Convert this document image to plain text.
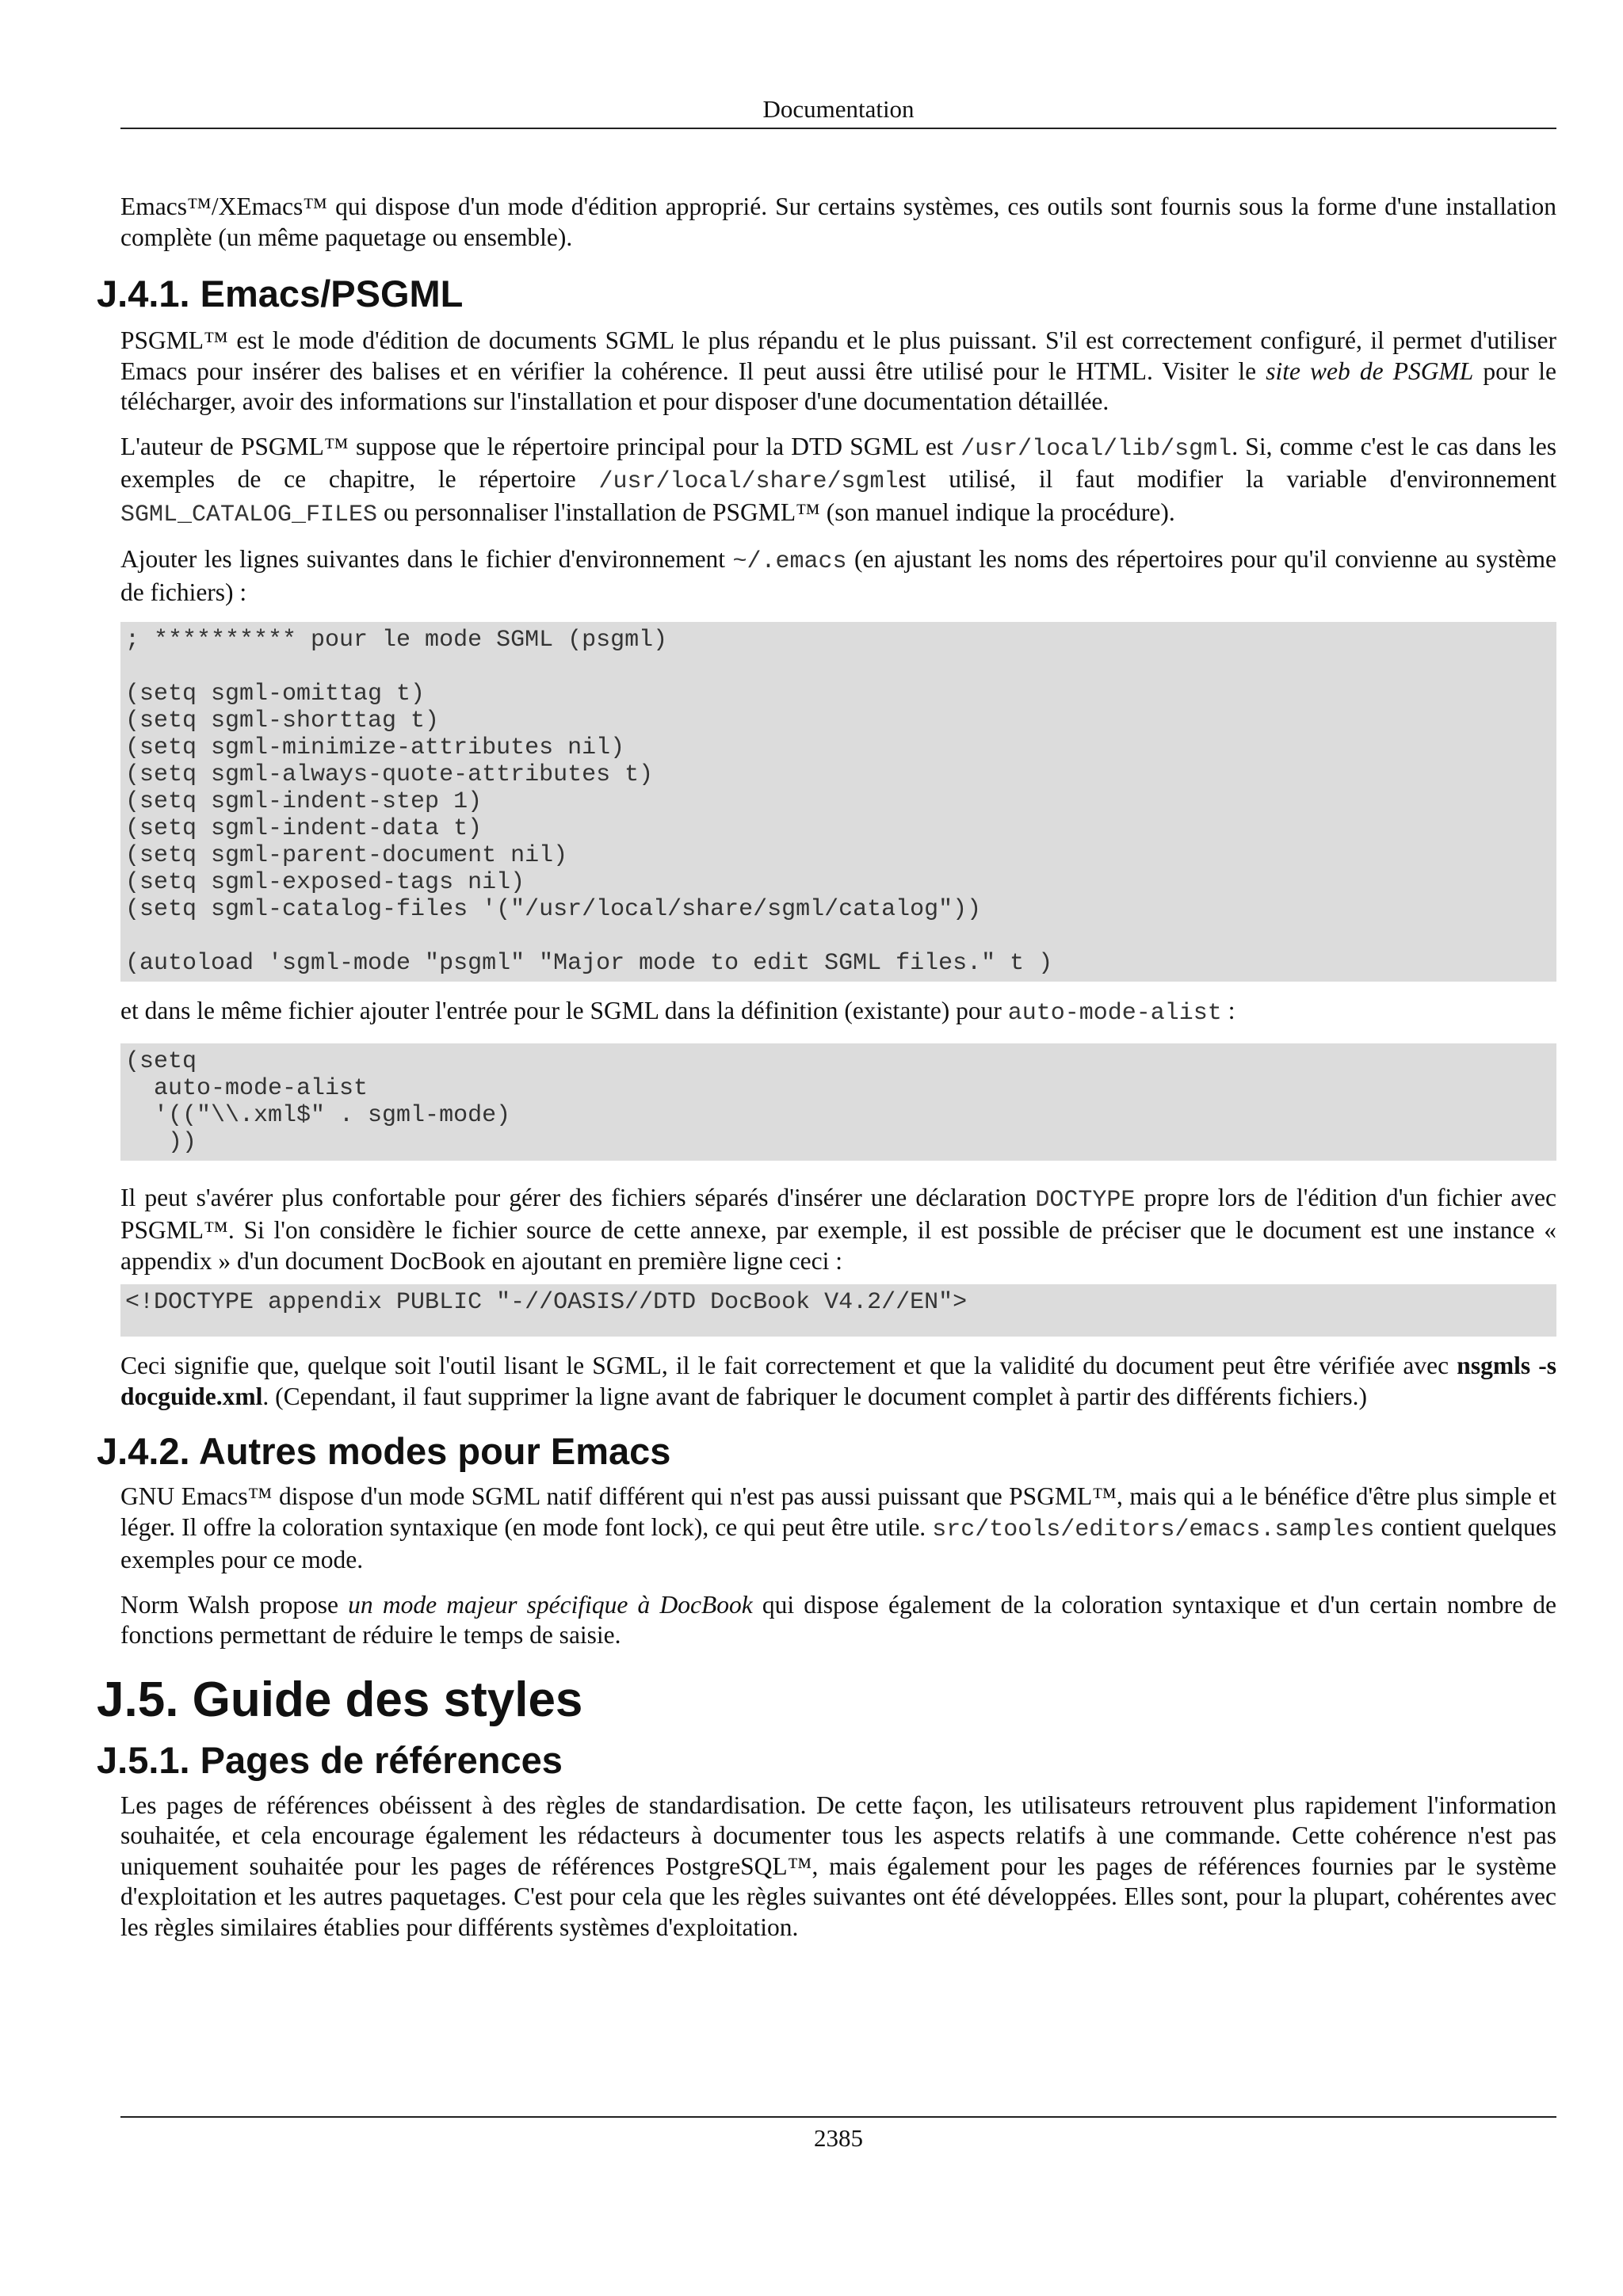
Documentation

Emacs™/XEmacs™ qui dispose d'un mode d'édition approprié. Sur certains systèmes, ces outils sont fournis sous la forme d'une installation complète (un même paquetage ou ensemble).

J.4.1. Emacs/PSGML

PSGML™ est le mode d'édition de documents SGML le plus répandu et le plus puissant. S'il est correctement configuré, il permet d'utiliser Emacs pour insérer des balises et en vérifier la cohérence. Il peut aussi être utilisé pour le HTML. Visiter le site web de PSGML pour le télécharger, avoir des informations sur l'installation et pour disposer d'une documentation détaillée.

L'auteur de PSGML™ suppose que le répertoire principal pour la DTD SGML est /usr/local/lib/sgml. Si, comme c'est le cas dans les exemples de ce chapitre, le répertoire /usr/local/share/sgmlest utilisé, il faut modifier la variable d'environnement SGML_CATALOG_FILES ou personnaliser l'installation de PSGML™ (son manuel indique la procédure).

Ajouter les lignes suivantes dans le fichier d'environnement ~/.emacs (en ajustant les noms des répertoires pour qu'il convienne au système de fichiers) :

; ********** pour le mode SGML (psgml)

(setq sgml-omittag t)
(setq sgml-shorttag t)
(setq sgml-minimize-attributes nil)
(setq sgml-always-quote-attributes t)
(setq sgml-indent-step 1)
(setq sgml-indent-data t)
(setq sgml-parent-document nil)
(setq sgml-exposed-tags nil)
(setq sgml-catalog-files '("/usr/local/share/sgml/catalog"))

(autoload 'sgml-mode "psgml" "Major mode to edit SGML files." t )

et dans le même fichier ajouter l'entrée pour le SGML dans la définition (existante) pour auto-mode-alist :

(setq
auto-mode-alist
'(("\\.xml$" . sgml-mode)
))

Il peut s'avérer plus confortable pour gérer des fichiers séparés d'insérer une déclaration DOCTYPE propre lors de l'édition d'un fichier avec PSGML™. Si l'on considère le fichier source de cette annexe, par exemple, il est possible de préciser que le document est une instance « appendix » d'un document DocBook en ajoutant en première ligne ceci :

<!DOCTYPE appendix PUBLIC "-//OASIS//DTD DocBook V4.2//EN">

Ceci signifie que, quelque soit l'outil lisant le SGML, il le fait correctement et que la validité du document peut être vérifiée avec nsgmls -s docguide.xml. (Cependant, il faut supprimer la ligne avant de fabriquer le document complet à partir des différents fichiers.)

J.4.2. Autres modes pour Emacs

GNU Emacs™ dispose d'un mode SGML natif différent qui n'est pas aussi puissant que PSGML™, mais qui a le bénéfice d'être plus simple et léger. Il offre la coloration syntaxique (en mode font lock), ce qui peut être utile. src/tools/editors/emacs.samples contient quelques exemples pour ce mode.

Norm Walsh propose un mode majeur spécifique à DocBook qui dispose également de la coloration syntaxique et d'un certain nombre de fonctions permettant de réduire le temps de saisie.

J.5. Guide des styles
J.5.1. Pages de références

Les pages de références obéissent à des règles de standardisation. De cette façon, les utilisateurs retrouvent plus rapidement l'information souhaitée, et cela encourage également les rédacteurs à documenter tous les aspects relatifs à une commande. Cette cohérence n'est pas uniquement souhaitée pour les pages de références PostgreSQL™, mais également pour les pages de références fournies par le système d'exploitation et les autres paquetages. C'est pour cela que les règles suivantes ont été développées. Elles sont, pour la plupart, cohérentes avec les règles similaires établies pour différents systèmes d'exploitation.

2385
